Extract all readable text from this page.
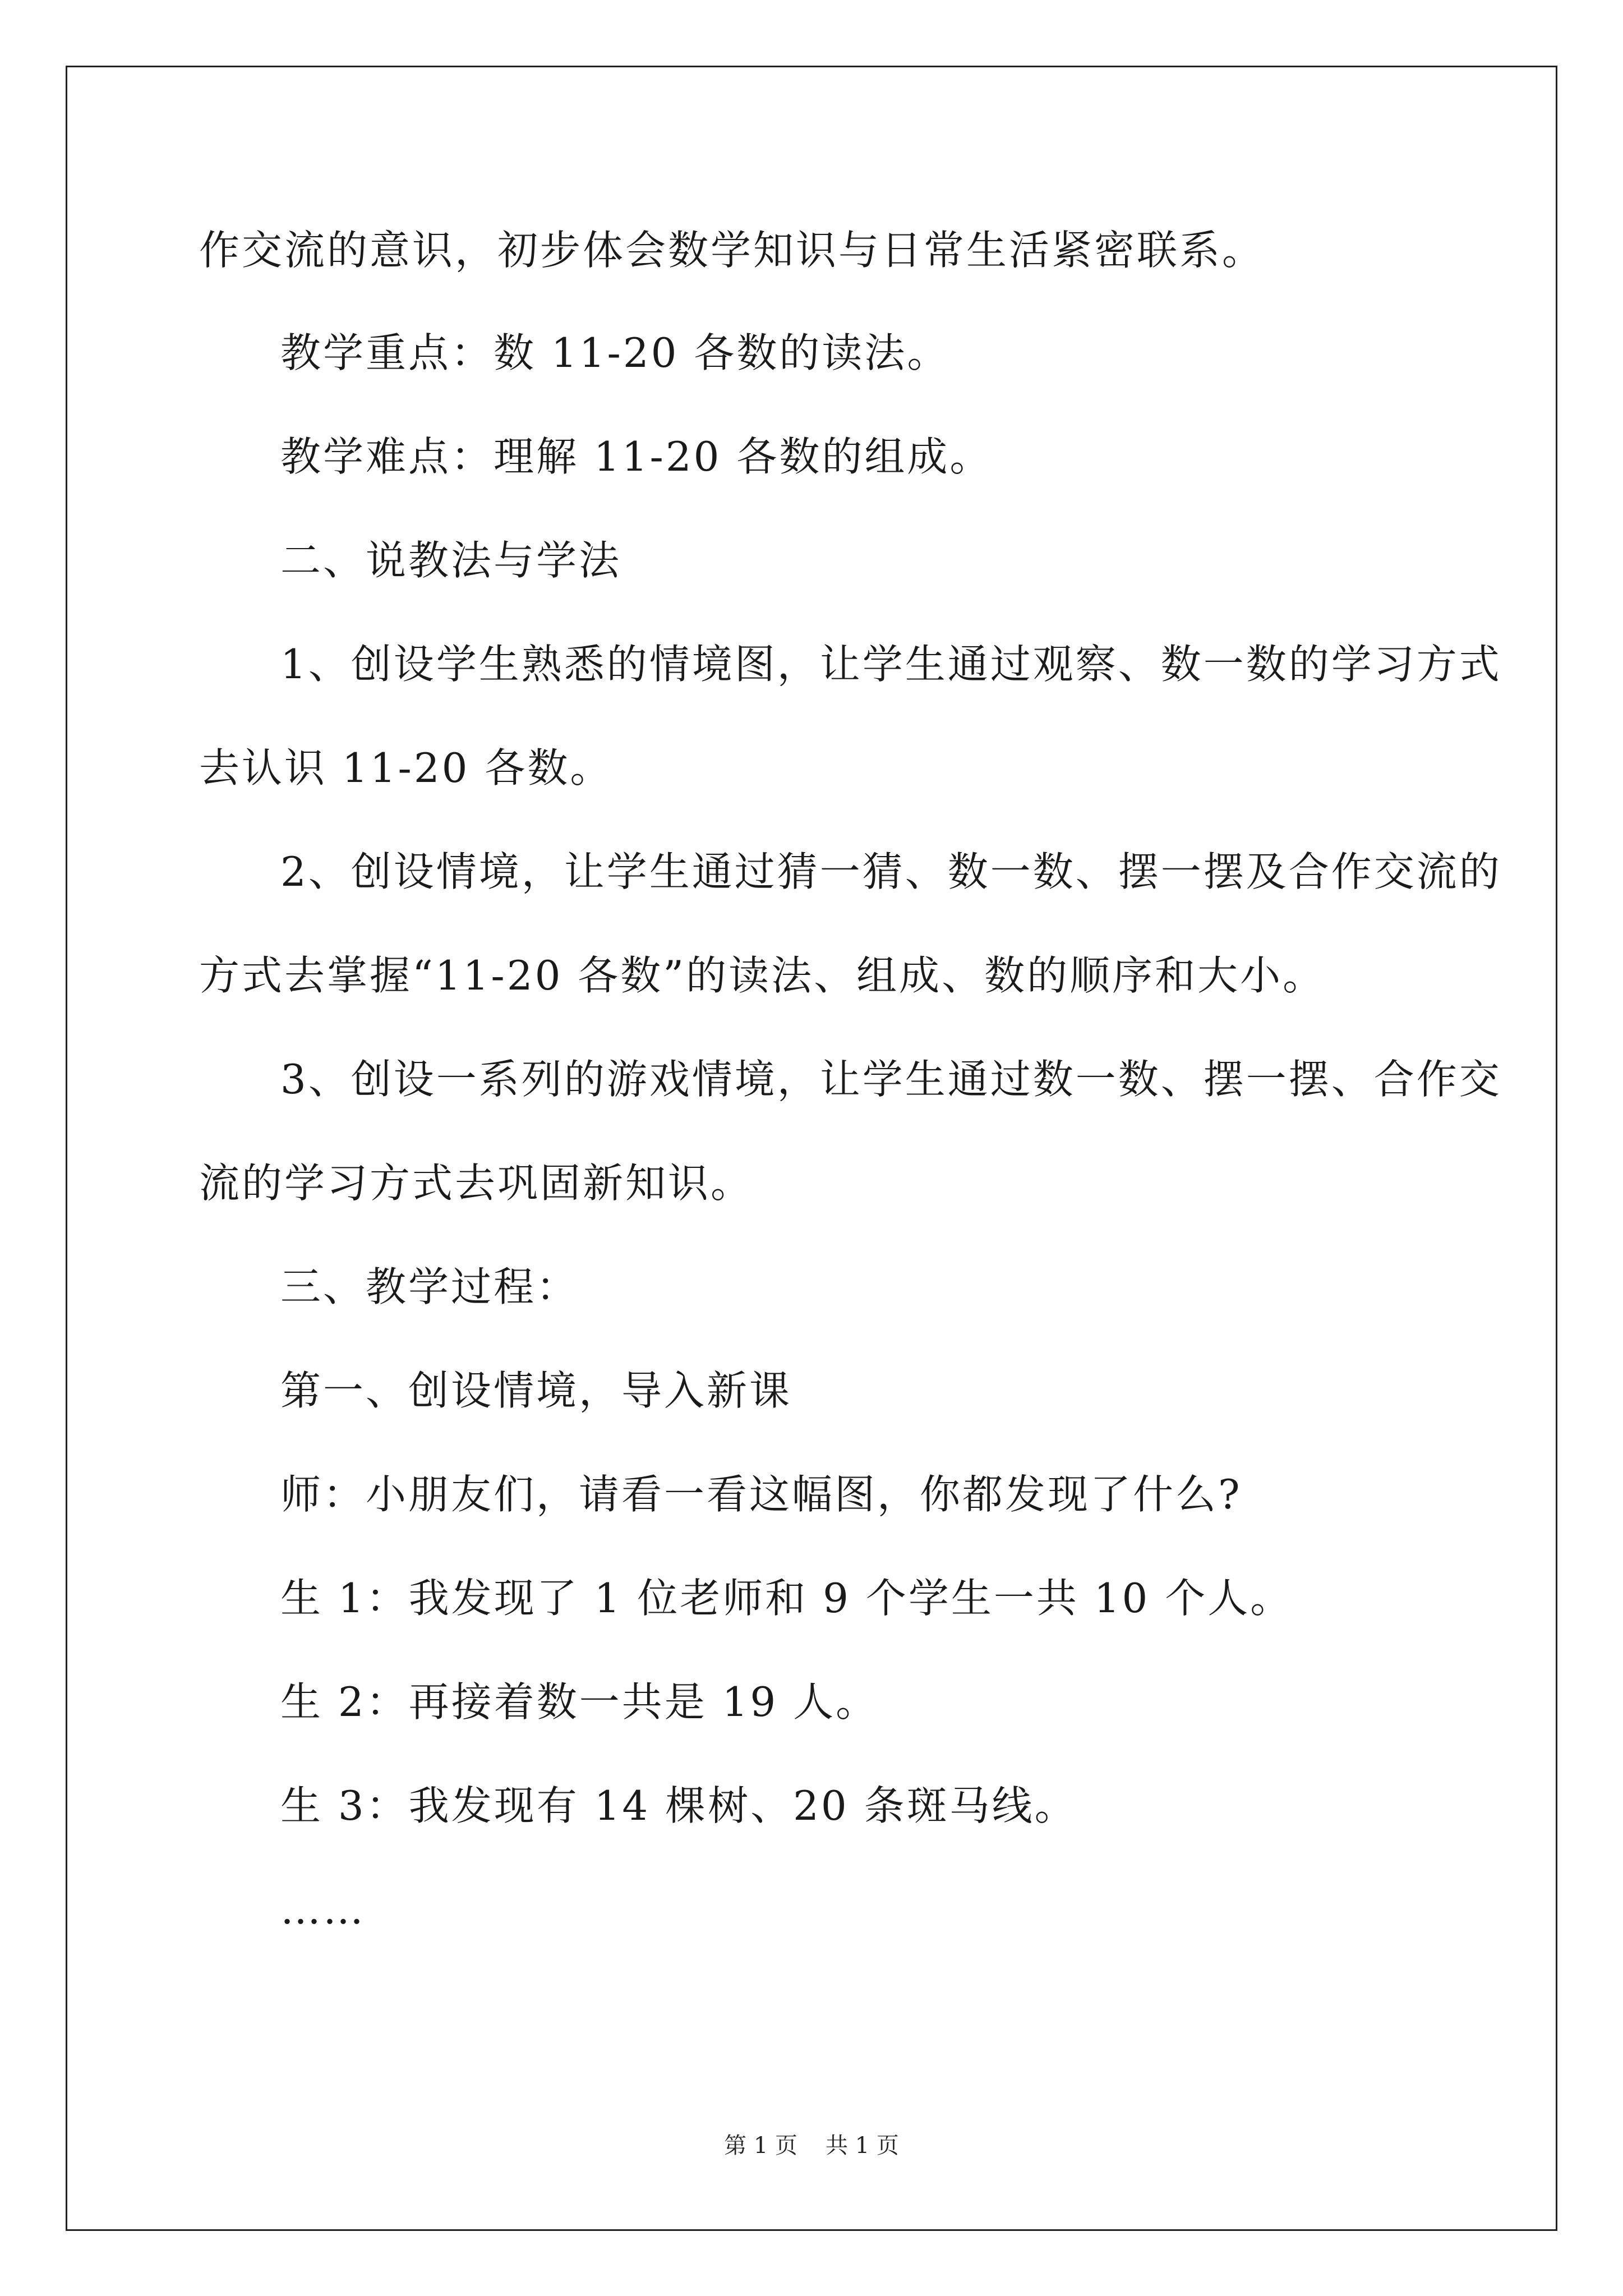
作交流的意识，初步体会数学知识与日常生活紧密联系。
教学重点：数 11-20 各数的读法。
教学难点：理解 11-20 各数的组成。
二、说教法与学法
1、创设学生熟悉的情境图，让学生通过观察、数一数的学习方式
去认识 11-20 各数。
2、创设情境，让学生通过猜一猜、数一数、摆一摆及合作交流的
方式去掌握“11-20 各数”的读法、组成、数的顺序和大小。
3、创设一系列的游戏情境，让学生通过数一数、摆一摆、合作交
流的学习方式去巩固新知识。
三、教学过程：
第一、创设情境，导入新课
师：小朋友们，请看一看这幅图，你都发现了什么?
生 1：我发现了 1 位老师和 9 个学生一共 10 个人。
生 2：再接着数一共是 19 人。
生 3：我发现有 14 棵树、20 条斑马线。
……
第 1 页 共 1 页
